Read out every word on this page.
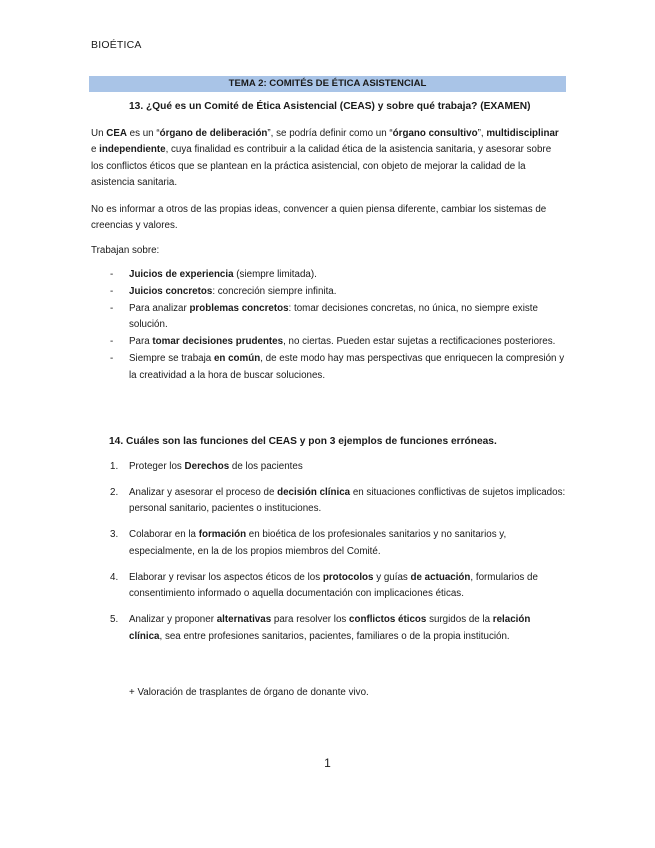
BIOÉTICA
TEMA 2: COMITÉS DE ÉTICA ASISTENCIAL
13. ¿Qué es un Comité de Ética Asistencial (CEAS) y sobre qué trabaja? (EXAMEN)

Un CEA es un “órgano de deliberación”, se podría definir como un “órgano consultivo”, multidisciplinar e independiente, cuya finalidad es contribuir a la calidad ética de la asistencia sanitaria, y asesorar sobre los conflictos éticos que se plantean en la práctica asistencial, con objeto de mejorar la calidad de la asistencia sanitaria.

No es informar a otros de las propias ideas, convencer a quien piensa diferente, cambiar los sistemas de creencias y valores.

Trabajan sobre:

- Juicios de experiencia (siempre limitada).
- Juicios concretos: concreción siempre infinita.
- Para analizar problemas concretos: tomar decisiones concretas, no única, no siempre existe solución.
- Para tomar decisiones prudentes, no ciertas. Pueden estar sujetas a rectificaciones posteriores.
- Siempre se trabaja en común, de este modo hay mas perspectivas que enriquecen la compresión y la creatividad a la hora de buscar soluciones.
14. Cuáles son las funciones del CEAS y pon 3 ejemplos de funciones erróneas.
1. Proteger los Derechos de los pacientes
2. Analizar y asesorar el proceso de decisión clínica en situaciones conflictivas de sujetos implicados: personal sanitario, pacientes o instituciones.
3. Colaborar en la formación en bioética de los profesionales sanitarios y no sanitarios y, especialmente, en la de los propios miembros del Comité.
4. Elaborar y revisar los aspectos éticos de los protocolos y guías de actuación, formularios de consentimiento informado o aquella documentación con implicaciones éticas.
5. Analizar y proponer alternativas para resolver los conflictos éticos surgidos de la relación clínica, sea entre profesiones sanitarios, pacientes, familiares o de la propia institución.
+ Valoración de trasplantes de órgano de donante vivo.
1
